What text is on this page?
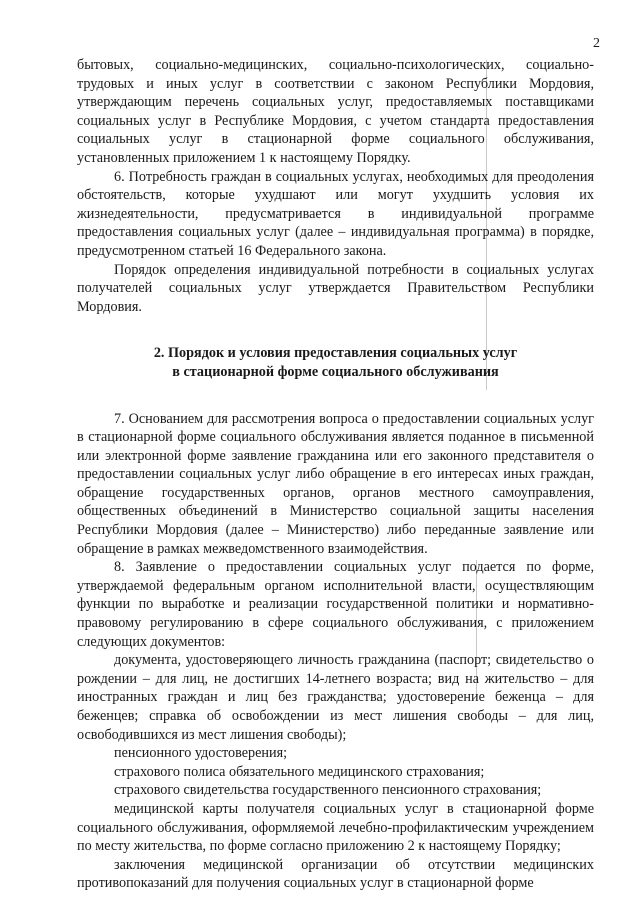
2

бытовых, социально-медицинских, социально-психологических, социально-трудовых и иных услуг в соответствии с законом Республики Мордовия, утверждающим перечень социальных услуг, предоставляемых поставщиками социальных услуг в Республике Мордовия, с учетом стандарта предоставления социальных услуг в стационарной форме социального обслуживания, установленных приложением 1 к настоящему Порядку.

6. Потребность граждан в социальных услугах, необходимых для преодоления обстоятельств, которые ухудшают или могут ухудшить условия их жизнедеятельности, предусматривается в индивидуальной программе предоставления социальных услуг (далее – индивидуальная программа) в порядке, предусмотренном статьей 16 Федерального закона.

Порядок определения индивидуальной потребности в социальных услугах получателей социальных услуг утверждается Правительством Республики Мордовия.

2. Порядок и условия предоставления социальных услуг

в стационарной форме социального обслуживания

7. Основанием для рассмотрения вопроса о предоставлении социальных услуг в стационарной форме социального обслуживания является поданное в письменной или электронной форме заявление гражданина или его законного представителя о предоставлении социальных услуг либо обращение в его интересах иных граждан, обращение государственных органов, органов местного самоуправления, общественных объединений в Министерство социальной защиты населения Республики Мордовия (далее – Министерство) либо переданные заявление или обращение в рамках межведомственного взаимодействия.

8. Заявление о предоставлении социальных услуг подается по форме, утверждаемой федеральным органом исполнительной власти, осуществляющим функции по выработке и реализации государственной политики и нормативно-правовому регулированию в сфере социального обслуживания, с приложением следующих документов:

документа, удостоверяющего личность гражданина (паспорт; свидетельство о рождении – для лиц, не достигших 14-летнего возраста; вид на жительство – для иностранных граждан и лиц без гражданства; удостоверение беженца – для беженцев; справка об освобождении из мест лишения свободы – для лиц, освободившихся из мест лишения свободы);

пенсионного удостоверения;

страхового полиса обязательного медицинского страхования;

страхового свидетельства государственного пенсионного страхования;

медицинской карты получателя социальных услуг в стационарной форме социального обслуживания, оформляемой лечебно-профилактическим учреждением по месту жительства, по форме согласно приложению 2 к настоящему Порядку;

заключения медицинской организации об отсутствии медицинских противопоказаний для получения социальных услуг в стационарной форме
